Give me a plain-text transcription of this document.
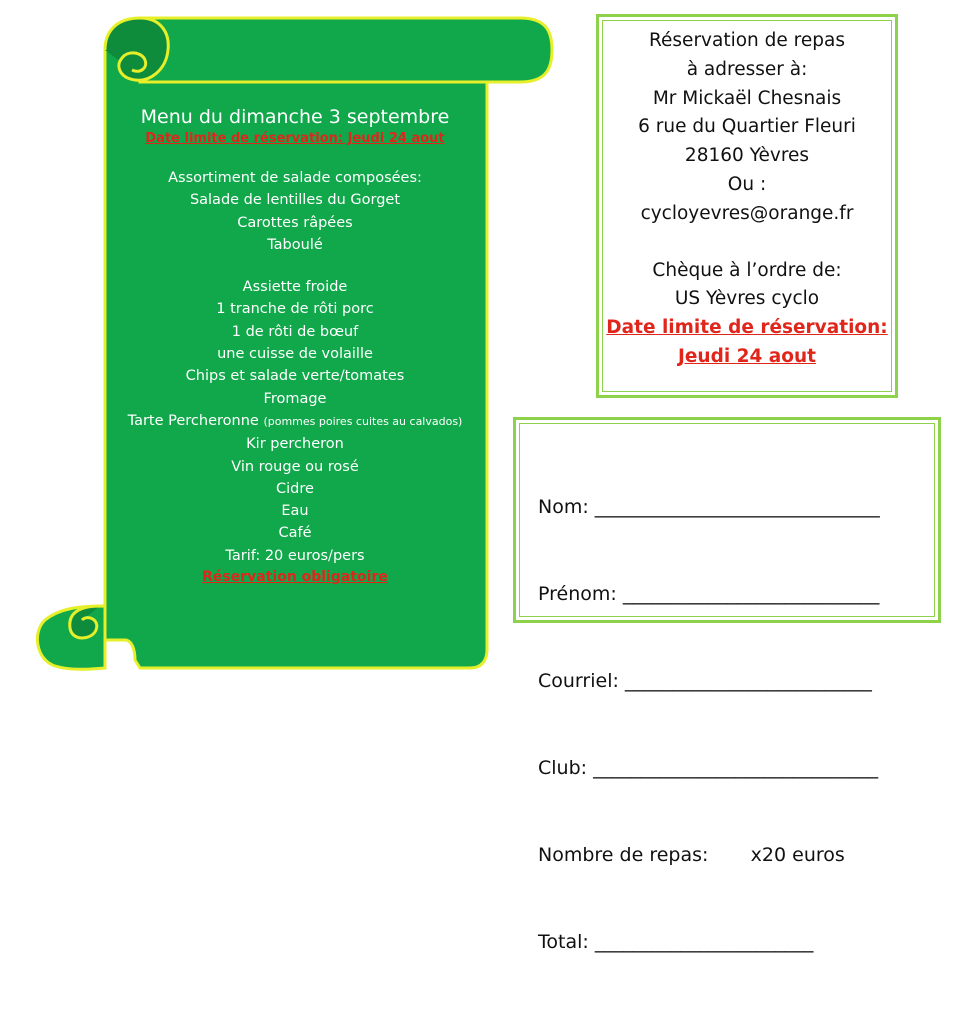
Menu du dimanche 3 septembre
Date limite de réservation: Jeudi 24 aout
Assortiment de salade composées:
Salade de lentilles du Gorget
Carottes râpées
Taboulé
Assiette froide
1 tranche de rôti porc
1 de rôti de bœuf
une cuisse de volaille
Chips et salade verte/tomates
Fromage
Tarte Percheronne (pommes poires cuites au calvados)
Kir percheron
Vin rouge ou rosé
Cidre
Eau
Café
Tarif: 20 euros/pers
Réservation obligatoire
Réservation de repas
à adresser à:
Mr Mickaël Chesnais
6 rue du Quartier Fleuri
28160 Yèvres
Ou :
cycloyevres@orange.fr
Chèque à l’ordre de:
US Yèvres cyclo
Date limite de réservation:
Jeudi 24 aout

Nom: ______________________________

Prénom: ___________________________

Courriel: __________________________

Club: ______________________________

Nombre de repas:       x20 euros

Total: _______________________
